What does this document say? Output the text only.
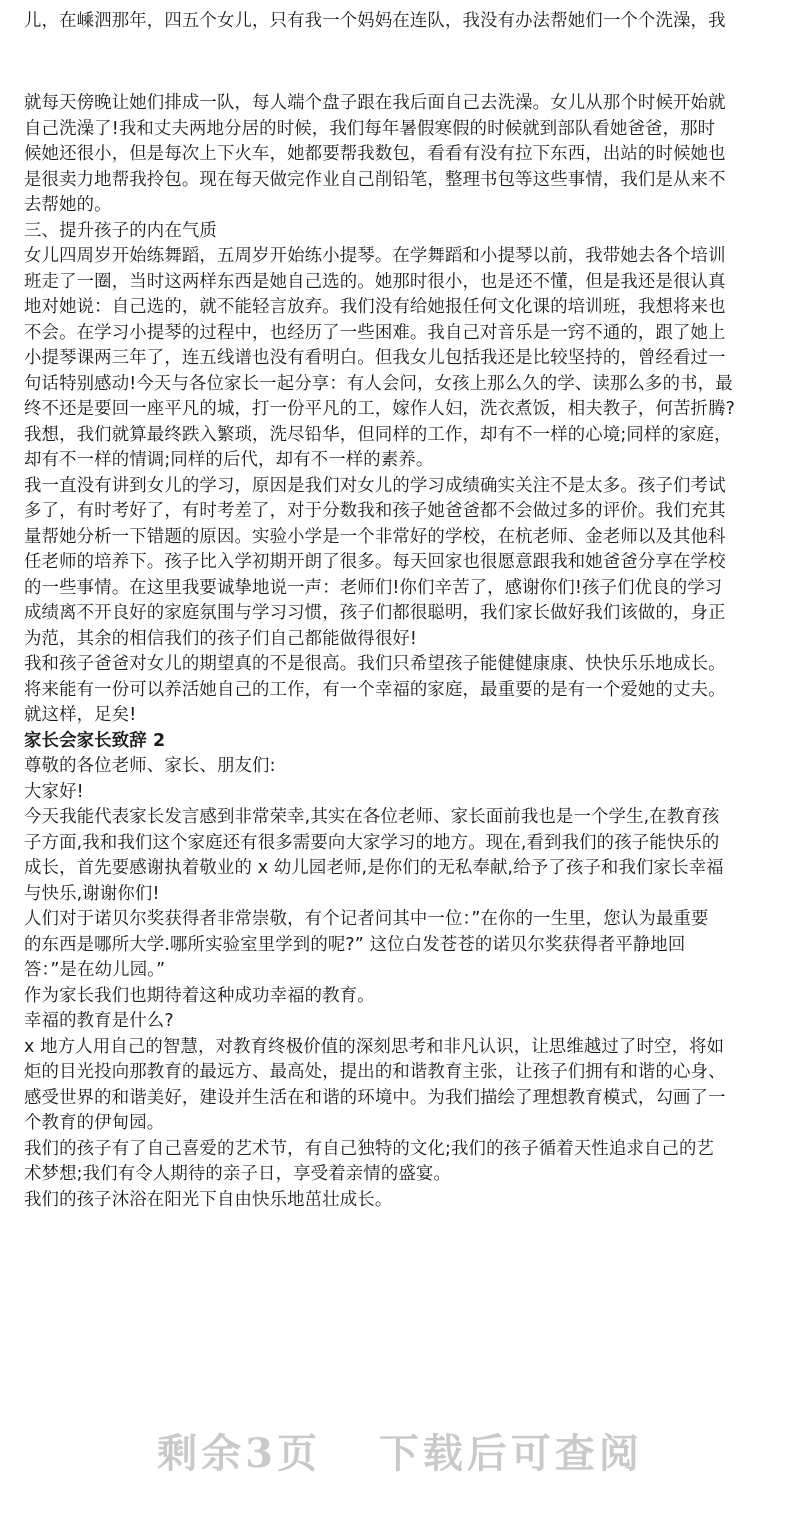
儿，在嵊泗那年，四五个女儿，只有我一个妈妈在连队，我没有办法帮她们一个个洗澡，我
就每天傍晚让她们排成一队，每人端个盘子跟在我后面自己去洗澡。女儿从那个时候开始就
自己洗澡了!我和丈夫两地分居的时候，我们每年暑假寒假的时候就到部队看她爸爸，那时
候她还很小，但是每次上下火车，她都要帮我数包，看看有没有拉下东西，出站的时候她也
是很卖力地帮我拎包。现在每天做完作业自己削铅笔，整理书包等这些事情，我们是从来不
去帮她的。
三、提升孩子的内在气质
女儿四周岁开始练舞蹈，五周岁开始练小提琴。在学舞蹈和小提琴以前，我带她去各个培训
班走了一圈，当时这两样东西是她自己选的。她那时很小，也是还不懂，但是我还是很认真
地对她说：自己选的，就不能轻言放弃。我们没有给她报任何文化课的培训班，我想将来也
不会。在学习小提琴的过程中，也经历了一些困难。我自己对音乐是一窍不通的，跟了她上
小提琴课两三年了，连五线谱也没有看明白。但我女儿包括我还是比较坚持的，曾经看过一
句话特别感动!今天与各位家长一起分享：有人会问，女孩上那么久的学、读那么多的书，最
终不还是要回一座平凡的城，打一份平凡的工，嫁作人妇，洗衣煮饭，相夫教子，何苦折腾?
我想，我们就算最终跌入繁琐，洗尽铅华，但同样的工作，却有不一样的心境;同样的家庭，
却有不一样的情调;同样的后代，却有不一样的素养。
我一直没有讲到女儿的学习，原因是我们对女儿的学习成绩确实关注不是太多。孩子们考试
多了，有时考好了，有时考差了，对于分数我和孩子她爸爸都不会做过多的评价。我们充其
量帮她分析一下错题的原因。实验小学是一个非常好的学校，在杭老师、金老师以及其他科
任老师的培养下。孩子比入学初期开朗了很多。每天回家也很愿意跟我和她爸爸分享在学校
的一些事情。在这里我要诚挚地说一声：老师们!你们辛苦了，感谢你们!孩子们优良的学习
成绩离不开良好的家庭氛围与学习习惯，孩子们都很聪明，我们家长做好我们该做的，身正
为范，其余的相信我们的孩子们自己都能做得很好!
我和孩子爸爸对女儿的期望真的不是很高。我们只希望孩子能健健康康、快快乐乐地成长。
将来能有一份可以养活她自己的工作，有一个幸福的家庭，最重要的是有一个爱她的丈夫。
就这样，足矣!
家长会家长致辞 2
尊敬的各位老师、家长、朋友们:
大家好!
今天我能代表家长发言感到非常荣幸,其实在各位老师、家长面前我也是一个学生,在教育孩
子方面,我和我们这个家庭还有很多需要向大家学习的地方。现在,看到我们的孩子能快乐的
成长，首先要感谢执着敬业的 x 幼儿园老师,是你们的无私奉献,给予了孩子和我们家长幸福
与快乐,谢谢你们!
人们对于诺贝尔奖获得者非常崇敬，有个记者问其中一位：”在你的一生里，您认为最重要
的东西是哪所大学.哪所实验室里学到的呢?” 这位白发苍苍的诺贝尔奖获得者平静地回
答：”是在幼儿园。”
作为家长我们也期待着这种成功幸福的教育。
幸福的教育是什么?
x 地方人用自己的智慧，对教育终极价值的深刻思考和非凡认识，让思维越过了时空，将如
炬的目光投向那教育的最远方、最高处，提出的和谐教育主张，让孩子们拥有和谐的心身、
感受世界的和谐美好，建设并生活在和谐的环境中。为我们描绘了理想教育模式，勾画了一
个教育的伊甸园。
我们的孩子有了自己喜爱的艺术节，有自己独特的文化;我们的孩子循着天性追求自己的艺
术梦想;我们有令人期待的亲子日，享受着亲情的盛宴。
我们的孩子沐浴在阳光下自由快乐地茁壮成长。
剩余3页 下载后可查阅
